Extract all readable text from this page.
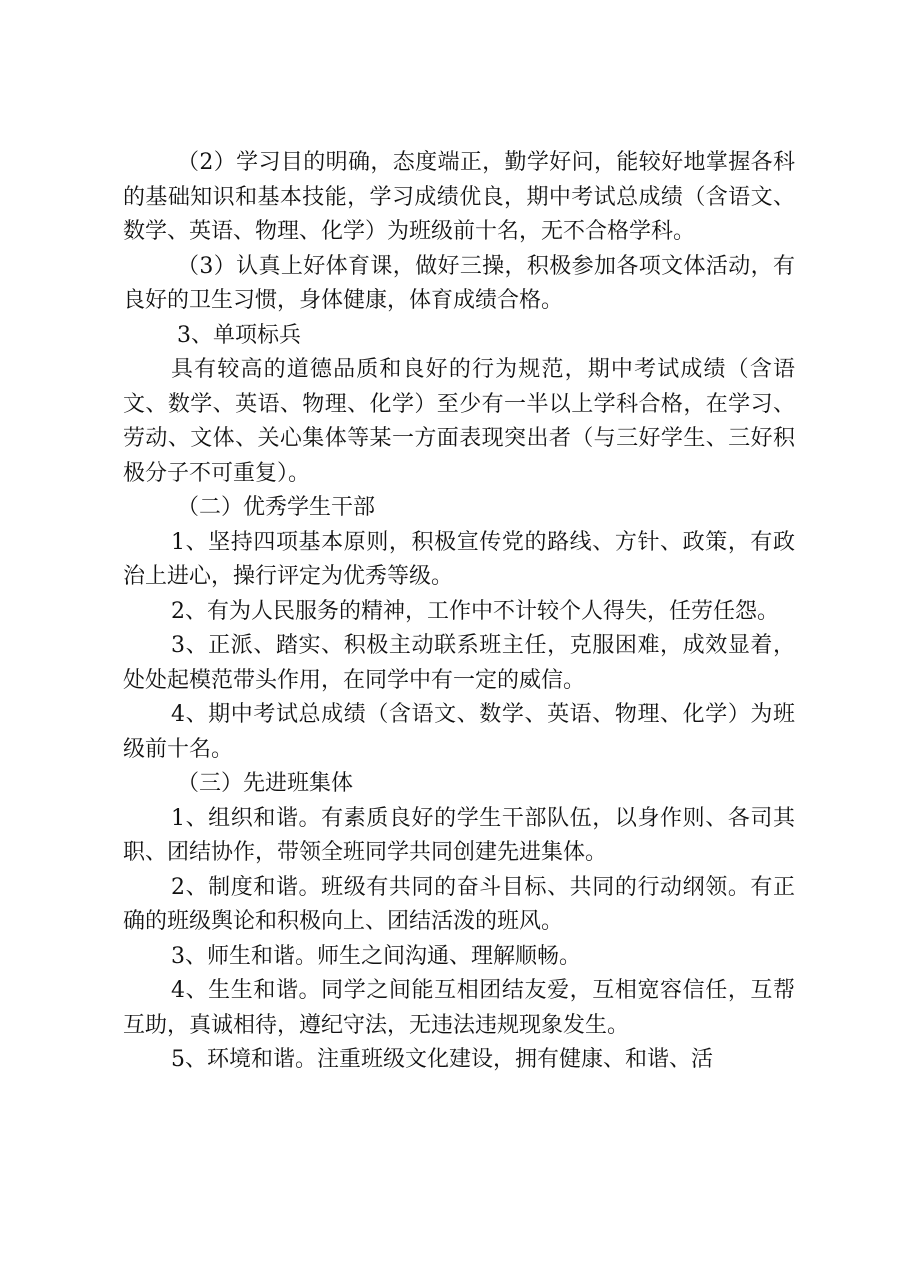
（2）学习目的明确，态度端正，勤学好问，能较好地掌握各科的基础知识和基本技能，学习成绩优良，期中考试总成绩（含语文、数学、英语、物理、化学）为班级前十名，无不合格学科。

（3）认真上好体育课，做好三操，积极参加各项文体活动，有良好的卫生习惯，身体健康，体育成绩合格。

3、单项标兵

具有较高的道德品质和良好的行为规范，期中考试成绩（含语文、数学、英语、物理、化学）至少有一半以上学科合格，在学习、劳动、文体、关心集体等某一方面表现突出者（与三好学生、三好积极分子不可重复）。

（二）优秀学生干部

1、坚持四项基本原则，积极宣传党的路线、方针、政策，有政治上进心，操行评定为优秀等级。

2、有为人民服务的精神，工作中不计较个人得失，任劳任怨。

3、正派、踏实、积极主动联系班主任，克服困难，成效显着，处处起模范带头作用，在同学中有一定的威信。

4、期中考试总成绩（含语文、数学、英语、物理、化学）为班级前十名。

（三）先进班集体

1、组织和谐。有素质良好的学生干部队伍，以身作则、各司其职、团结协作，带领全班同学共同创建先进集体。

2、制度和谐。班级有共同的奋斗目标、共同的行动纲领。有正确的班级舆论和积极向上、团结活泼的班风。

3、师生和谐。师生之间沟通、理解顺畅。

4、生生和谐。同学之间能互相团结友爱，互相宽容信任，互帮互助，真诚相待，遵纪守法，无违法违规现象发生。

5、环境和谐。注重班级文化建设，拥有健康、和谐、活
